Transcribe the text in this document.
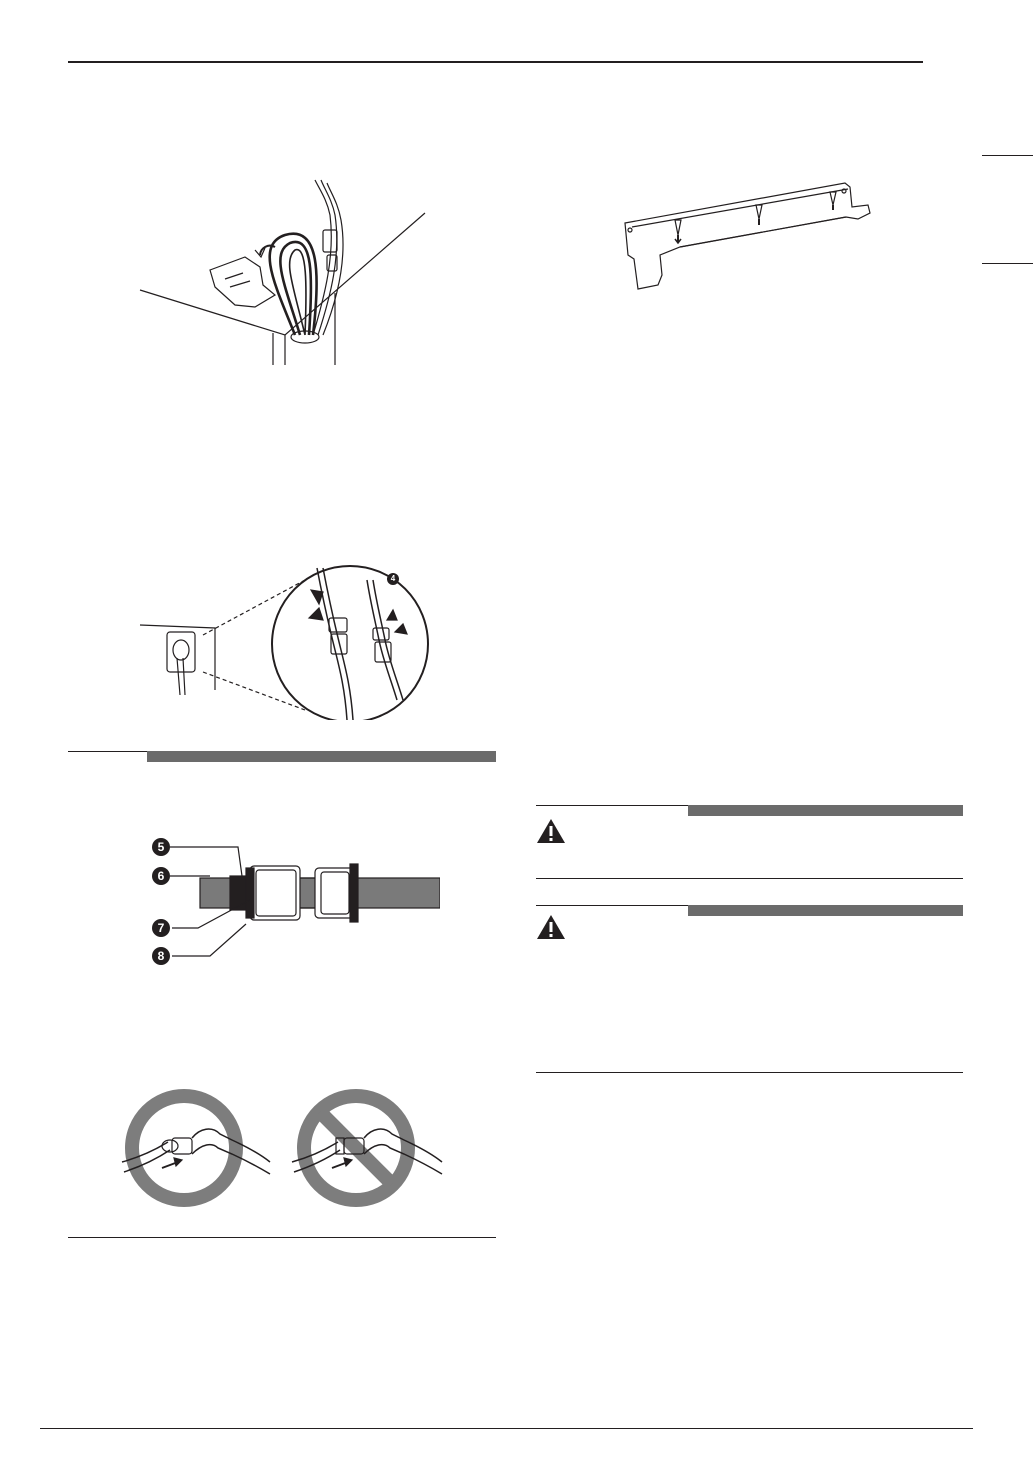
4
5
6
7
8
